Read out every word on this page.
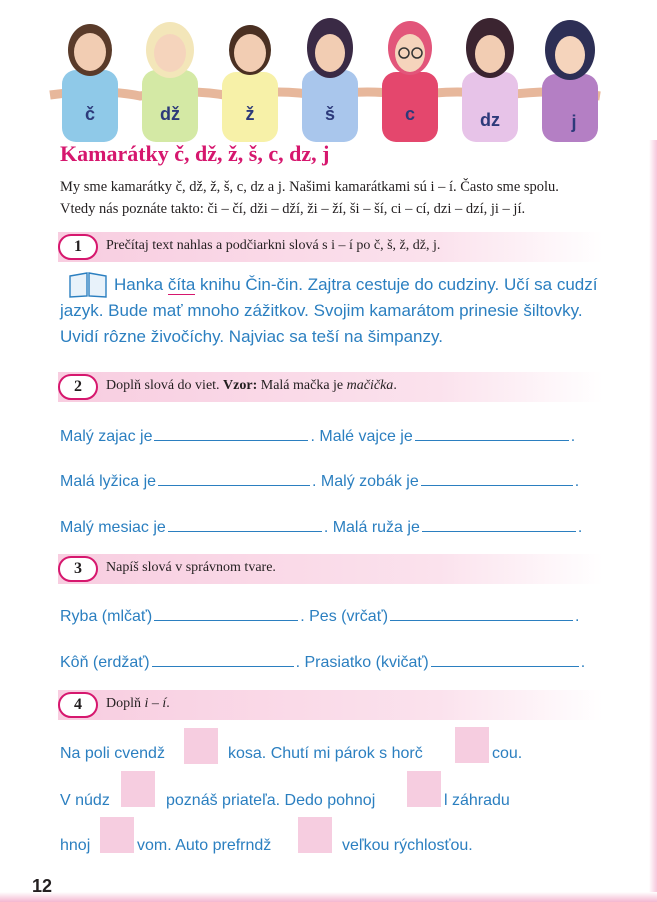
č	dž	ž	š	c	dz	j
Kamarátky č, dž, ž, š, c, dz, j
My sme kamarátky č, dž, ž, š, c, dz a j. Našimi kamarátkami sú i – í. Často sme spolu.
Vtedy nás poznáte takto: či – čí, dži – dží, ži – ží, ši – ší, ci – cí, dzi – dzí, ji – jí.
1	Prečítaj text nahlas a podčiarkni slová s i – í po č, š, ž, dž, j.
Hanka číta knihu Čin-čin. Zajtra cestuje do cudziny. Učí sa cudzí jazyk. Bude mať mnoho zážitkov. Svojim kamarátom prinesie šiltovky. Uvidí rôzne živočíchy. Najviac sa teší na šimpanzy.
2	Doplň slová do viet. Vzor: Malá mačka je mačička.
Malý zajac je	. Malé vajce je	.
Malá lyžica je	. Malý zobák je	.
Malý mesiac je	. Malá ruža je	.
3	Napíš slová v správnom tvare.
Ryba (mlčať)	. Pes (vrčať)	.
Kôň (erdžať)	. Prasiatko (kvičať)	.
4	Doplň i – í.
Na poli cvendž	kosa. Chutí mi párok s horč	cou.
V núdz	poznáš priateľa. Dedo pohnoj	l záhradu
hnoj	vom. Auto prefrndž	veľkou rýchlosťou.
12
